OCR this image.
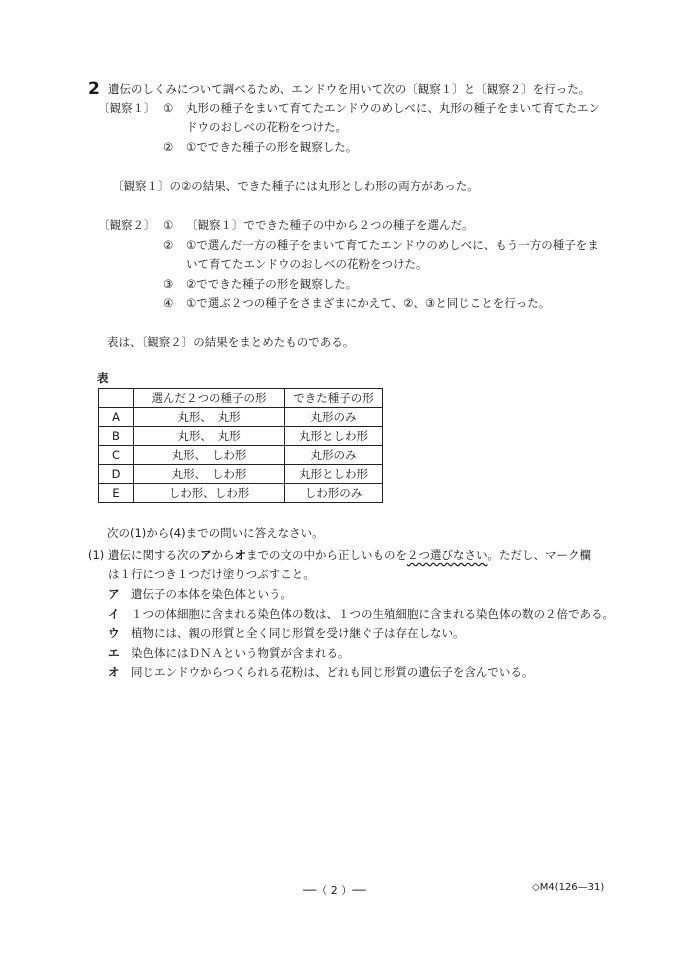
2 遺伝のしくみについて調べるため、エンドウを用いて次の〔観察１〕と〔観察２〕を行った。
〔観察１〕 ① 丸形の種子をまいて育てたエンドウのめしべに、丸形の種子をまいて育てたエン
ドウのおしべの花粉をつけた。
② ①でできた種子の形を観察した。
〔観察１〕の②の結果、できた種子には丸形としわ形の両方があった。
〔観察２〕 ① 〔観察１〕でできた種子の中から２つの種子を選んだ。
② ①で選んだ一方の種子をまいて育てたエンドウのめしべに、もう一方の種子をま
いて育てたエンドウのおしべの花粉をつけた。
③ ②でできた種子の形を観察した。
④ ①で選ぶ２つの種子をさまざまにかえて、②、③と同じことを行った。
表は、〔観察２〕の結果をまとめたものである。
表
	選んだ２つの種子の形	できた種子の形
A	丸形、　丸形	丸形のみ
B	丸形、　丸形	丸形としわ形
C	丸形、　しわ形	丸形のみ
D	丸形、　しわ形	丸形としわ形
E	しわ形、しわ形	しわ形のみ
次の(1)から(4)までの問いに答えなさい。
(1) 遺伝に関する次のアからオまでの文の中から正しいものを２つ選びなさい。ただし、マーク欄
は１行につき１つだけ塗りつぶすこと。
ア　 遺伝子の本体を染色体という。
イ　 １つの体細胞に含まれる染色体の数は、１つの生殖細胞に含まれる染色体の数の２倍である。
ウ　 植物には、親の形質と全く同じ形質を受け継ぐ子は存在しない。
エ　 染色体にはＤＮＡという物質が含まれる。
オ　 同じエンドウからつくられる花粉は、どれも同じ形質の遺伝子を含んでいる。
──（ 2 ）──	◇M4(126—31)
